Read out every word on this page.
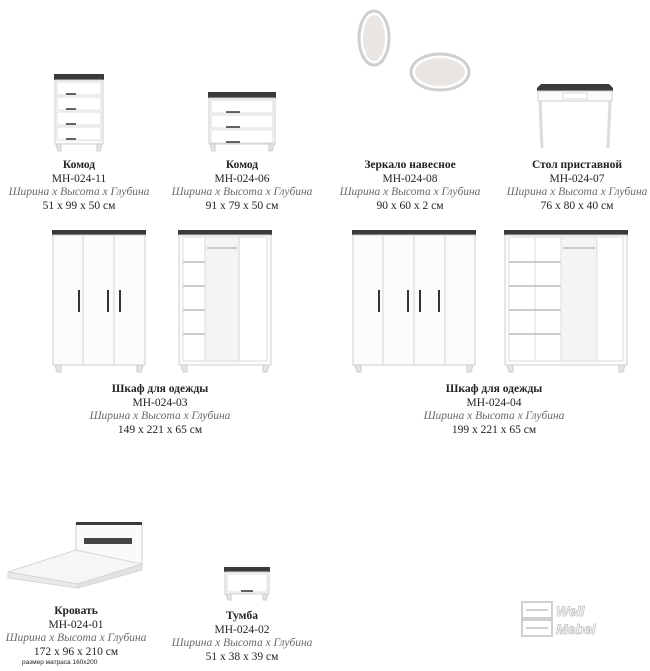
Комод
МН-024-11
Ширина х Высота х Глубина
51 х 99 х 50 см
Комод
МН-024-06
Ширина х Высота х Глубина
91 х 79 х 50 см
Зеркало навесное
МН-024-08
Ширина х Высота х Глубина
90 х 60 х 2 см
Стол приставной
МН-024-07
Ширина х Высота х Глубина
76 х 80 х 40 см
Шкаф для одежды
МН-024-03
Ширина х Высота х Глубина
149 х 221 х 65 см
Шкаф для одежды
МН-024-04
Ширина х Высота х Глубина
199 х 221 х 65 см
Кровать
МН-024-01
Ширина х Высота х Глубина
172 х 96 х 210 см
размер матраса 160х200
Тумба
МН-024-02
Ширина х Высота х Глубина
51 х 38 х 39 см
Well
Mebel
